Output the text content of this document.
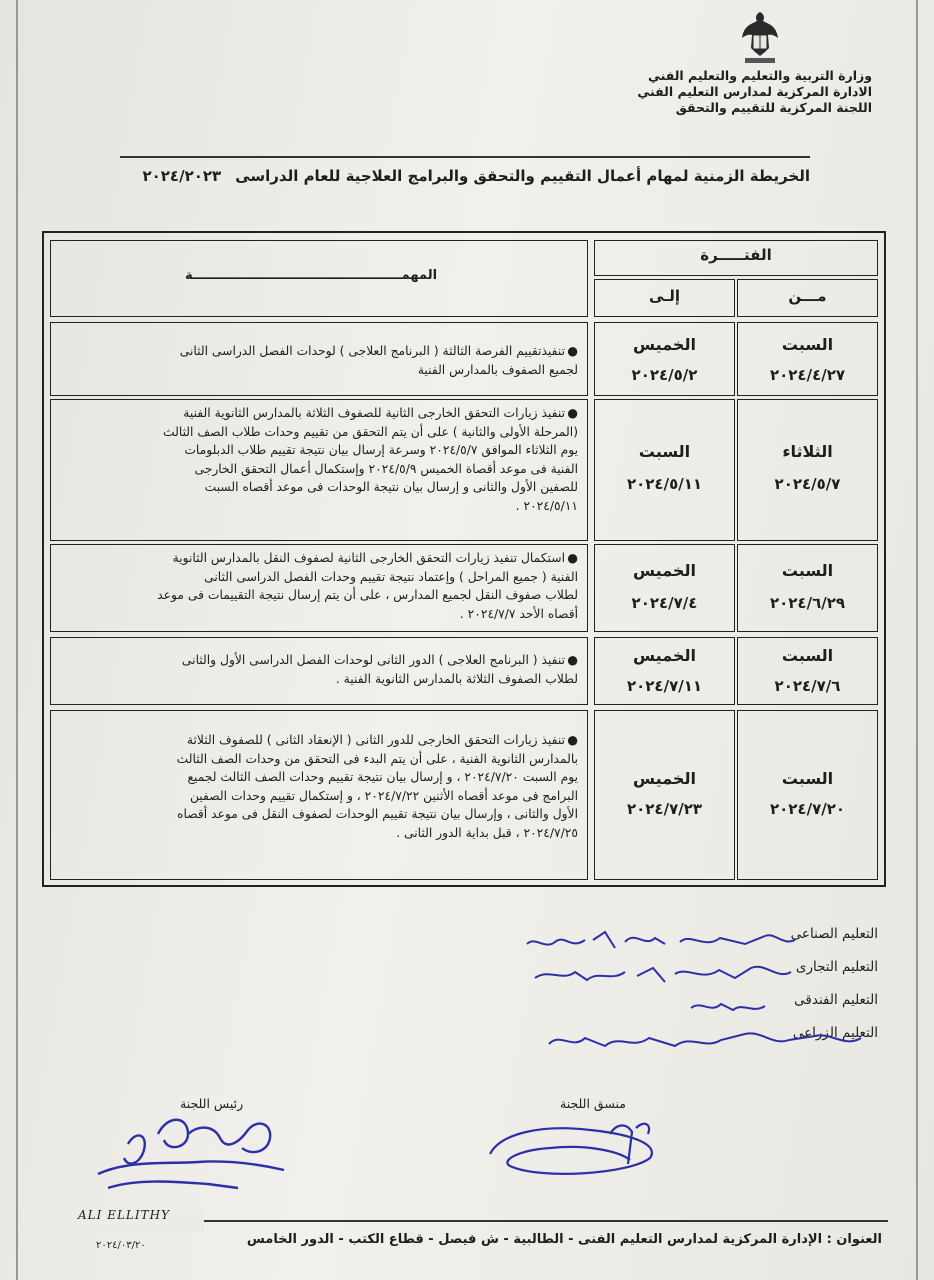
وزارة التربية والتعليم والتعليم الفني
الادارة المركزية لمدارس التعليم الفني
اللجنة المركزية للتقييم والتحقق
الخريطة الزمنية لمهام أعمال التقييم والتحقق والبرامج العلاجية للعام الدراسى٢٠٢٤/٢٠٢٣
الفتـــــرة
مـــن
إلـى
المهمـــــــــــــــــــــــــــــــــــــــــــــــة
●تنفيذتقييم الفرصة الثالثة ( البرنامج العلاجى ) لوحدات الفصل الدراسى الثانى
لجميع الصفوف بالمدارس الفنية
الخميس
٢٠٢٤/٥/٢
السبت
٢٠٢٤/٤/٢٧
●تنفيذ زيارات التحقق الخارجى الثانية للصفوف الثلاثة بالمدارس الثانوية الفنية
(المرحلة الأولى والثانية ) على أن يتم التحقق من تقييم وحدات طلاب الصف الثالث
يوم الثلاثاء الموافق ٢٠٢٤/٥/٧ وسرعة إرسال بيان نتيجة تقييم طلاب الدبلومات
الفنية فى موعد أقصاة الخميس ٢٠٢٤/٥/٩ وإستكمال أعمال التحقق الخارجى
للصفين الأول والثانى و إرسال بيان نتيجة الوحدات فى موعد أقصاه السبت
٢٠٢٤/٥/١١ .
السبت
٢٠٢٤/٥/١١
الثلاثاء
٢٠٢٤/٥/٧
●استكمال تنفيذ زيارات التحقق الخارجى الثانية لصفوف النقل بالمدارس الثانوية
الفنية ( جميع المراحل ) وإعتماد نتيجة تقييم وحدات الفصل الدراسى الثانى
لطلاب صفوف النقل لجميع المدارس ، على أن يتم إرسال نتيجة التقييمات فى موعد
أقصاه الأحد ٢٠٢٤/٧/٧ .
الخميس
٢٠٢٤/٧/٤
السبت
٢٠٢٤/٦/٢٩
●تنفيذ ( البرنامج العلاجى ) الدور الثانى لوحدات الفصل الدراسى الأول والثانى
لطلاب الصفوف الثلاثة بالمدارس الثانوية الفنية .
الخميس
٢٠٢٤/٧/١١
السبت
٢٠٢٤/٧/٦
●تنفيذ زيارات التحقق الخارجى للدور الثانى ( الإنعقاد الثانى ) للصفوف الثلاثة
بالمدارس الثانوية الفنية ، على أن يتم البدء فى التحقق من وحدات الصف الثالث
يوم السبت ٢٠٢٤/٧/٢٠ ، و إرسال بيان نتيجة تقييم وحدات الصف الثالث لجميع
البرامج فى موعد أقصاه الأثنين ٢٠٢٤/٧/٢٢ ، و إستكمال تقييم وحدات الصفين
الأول والثانى ، وإرسال بيان نتيجة تقييم الوحدات لصفوف النقل فى موعد أقصاه
٢٠٢٤/٧/٢٥ ، قبل بداية الدور الثانى .
الخميس
٢٠٢٤/٧/٢٣
السبت
٢٠٢٤/٧/٢٠
التعليم الصناعى
التعليم التجارى
التعليم الفندقى
التعليم الزراعى
منسق اللجنة
رئيس اللجنة
ALI ELLITHY
العنوان : الإدارة المركزية لمدارس التعليم الفنى - الطالبية - ش فيصل - قطاع الكتب - الدور الخامس
٢٠٢٤/٠٣/٢٠
